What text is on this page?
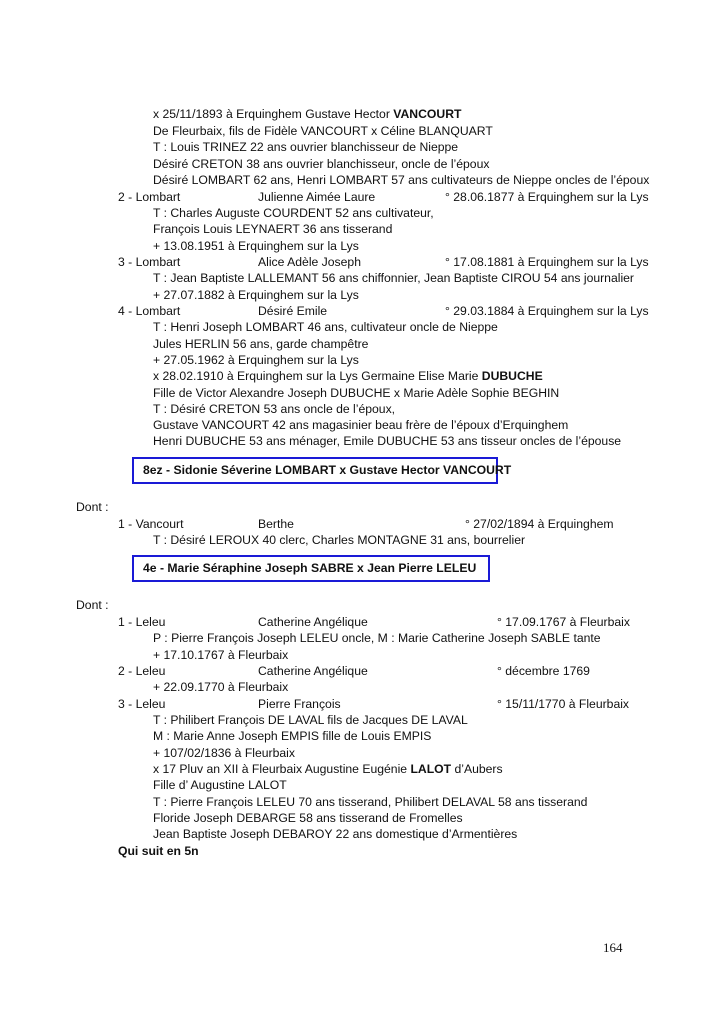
x 25/11/1893 à Erquinghem Gustave Hector VANCOURT
De Fleurbaix, fils de Fidèle VANCOURT x Céline BLANQUART
T : Louis TRINEZ 22 ans ouvrier blanchisseur de Nieppe
Désiré CRETON 38 ans ouvrier blanchisseur, oncle de l’époux
Désiré LOMBART 62 ans, Henri LOMBART 57 ans cultivateurs de Nieppe oncles de l’époux
2 - Lombart	Julienne Aimée Laure	° 28.06.1877 à Erquinghem sur la Lys
T : Charles Auguste COURDENT 52 ans cultivateur,
François Louis LEYNAERT 36 ans tisserand
+ 13.08.1951 à Erquinghem sur la Lys
3 - Lombart	Alice Adèle Joseph	° 17.08.1881 à Erquinghem sur la Lys
T : Jean Baptiste LALLEMANT 56 ans chiffonnier, Jean Baptiste CIROU 54 ans journalier
+ 27.07.1882 à Erquinghem sur la Lys
4 - Lombart	Désiré Emile	° 29.03.1884 à Erquinghem sur la Lys
T : Henri Joseph LOMBART 46 ans, cultivateur oncle de Nieppe
Jules HERLIN 56 ans, garde champêtre
+ 27.05.1962 à Erquinghem sur la Lys
x 28.02.1910 à Erquinghem sur la Lys Germaine Elise Marie DUBUCHE
Fille de Victor Alexandre Joseph DUBUCHE x Marie Adèle Sophie BEGHIN
T : Désiré CRETON 53 ans oncle de l’époux,
Gustave VANCOURT 42 ans magasinier beau frère de l’époux d’Erquinghem
Henri DUBUCHE 53 ans ménager, Emile DUBUCHE 53 ans tisseur oncles de l’épouse
8ez - Sidonie Séverine LOMBART x Gustave Hector VANCOURT
Dont :
1 - Vancourt	Berthe	° 27/02/1894 à Erquinghem
T : Désiré LEROUX 40 clerc, Charles MONTAGNE 31 ans, bourrelier
4e - Marie Séraphine Joseph SABRE x Jean Pierre LELEU
Dont :
1 - Leleu	Catherine Angélique	° 17.09.1767 à Fleurbaix
P : Pierre François Joseph LELEU oncle, M : Marie Catherine Joseph SABLE tante
+ 17.10.1767 à Fleurbaix
2 - Leleu	Catherine Angélique	° décembre 1769
+ 22.09.1770 à Fleurbaix
3 - Leleu	Pierre François	° 15/11/1770 à Fleurbaix
T : Philibert François DE LAVAL fils de Jacques DE LAVAL
M : Marie Anne Joseph EMPIS fille de Louis EMPIS
+ 107/02/1836 à Fleurbaix
x 17 Pluv an XII à Fleurbaix Augustine Eugénie LALOT d’Aubers
Fille d’ Augustine LALOT
T : Pierre François LELEU 70 ans tisserand, Philibert DELAVAL 58 ans tisserand
Floride Joseph DEBARGE 58 ans tisserand de Fromelles
Jean Baptiste Joseph DEBAROY 22 ans domestique d’Armentières
Qui suit en 5n
164
